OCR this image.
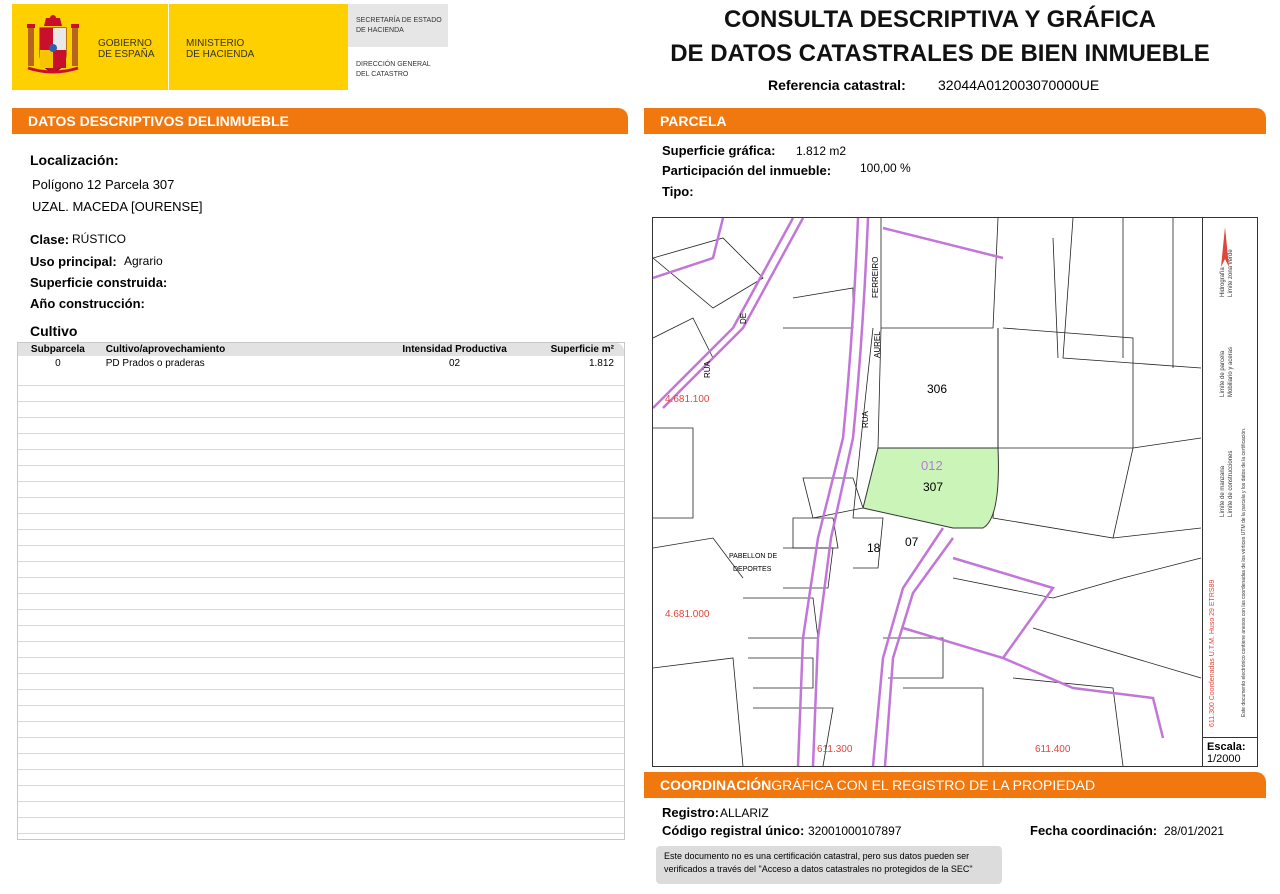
GOBIERNO
DE ESPAÑA
MINISTERIO
DE HACIENDA
SECRETARÍA DE ESTADO
DE HACIENDA
DIRECCIÓN GENERAL
DEL CATASTRO
CONSULTA DESCRIPTIVA Y GRÁFICA
DE DATOS CATASTRALES DE BIEN INMUEBLE
Referencia catastral: 32044A012003070000UE
DATOS DESCRIPTIVOS DEL INMUEBLE
Localización:
Polígono 12 Parcela 307
UZAL. MACEDA [OURENSE]
Clase: RÚSTICO
Uso principal: Agrario
Superficie construida:
Año construcción:
Cultivo
Subparcela	Cultivo/aprovechamiento	Intensidad Productiva	Superficie m²
0	PD Prados o praderas	02	1.812
PARCELA
Superficie gráfica: 1.812 m2
Participación del inmueble: 100,00 %
Tipo:
012
307
306
18 07
PABELLON DE
DEPORTES
4.681.100
4.681.000
611.300	611.400
RUA
AUREL
FERREIRO
RÚA
DE
611.300 Coordenadas U.T.M. Huso 29 ETRS89
Límite de manzana
Límite de parcela
Límite de construcciones
Mobiliario y aceras
Límite zona verde
Hidrografía
Este documento electrónico contiene anexos con las coordenadas de los vértices UTM de la parcela y los datos de la certificación.
Escala:
1/2000
COORDINACIÓN GRÁFICA CON EL REGISTRO DE LA PROPIEDAD
Registro: ALLARIZ
Código registral único: 32001000107897	Fecha coordinación: 28/01/2021
Este documento no es una certificación catastral, pero sus datos pueden ser
verificados a través del "Acceso a datos catastrales no protegidos de la SEC"
